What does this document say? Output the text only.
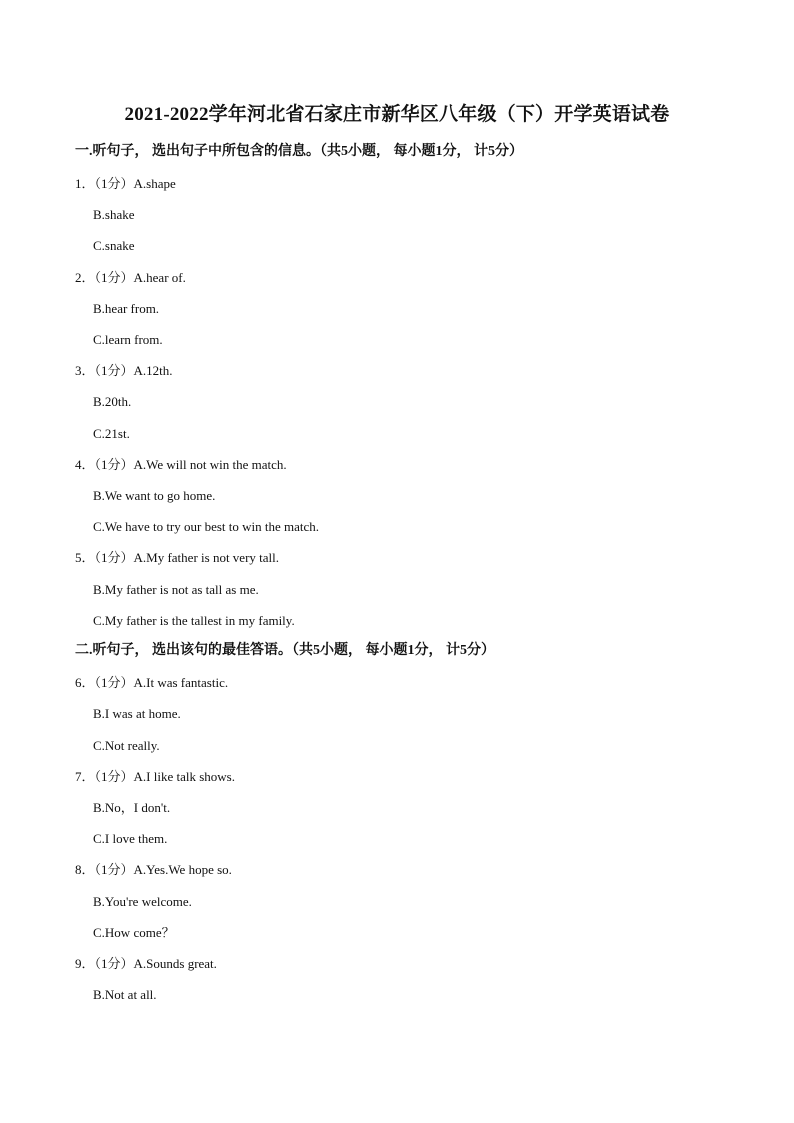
2021-2022学年河北省石家庄市新华区八年级（下）开学英语试卷
一.听句子， 选出句子中所包含的信息。（共5小题， 每小题1分， 计5分）
1．（1分）A.shape
B.shake
C.snake
2．（1分）A.hear of.
B.hear from.
C.learn from.
3．（1分）A.12th.
B.20th.
C.21st.
4．（1分）A.We will not win the match.
B.We want to go home.
C.We have to try our best to win the match.
5．（1分）A.My father is not very tall.
B.My father is not as tall as me.
C.My father is the tallest in my family.
二.听句子， 选出该句的最佳答语。（共5小题， 每小题1分， 计5分）
6．（1分）A.It was fantastic.
B.I was at home.
C.Not really.
7．（1分）A.I like talk shows.
B.No，I don't.
C.I love them.
8．（1分）A.Yes.We hope so.
B.You're welcome.
C.How come？
9．（1分）A.Sounds great.
B.Not at all.
